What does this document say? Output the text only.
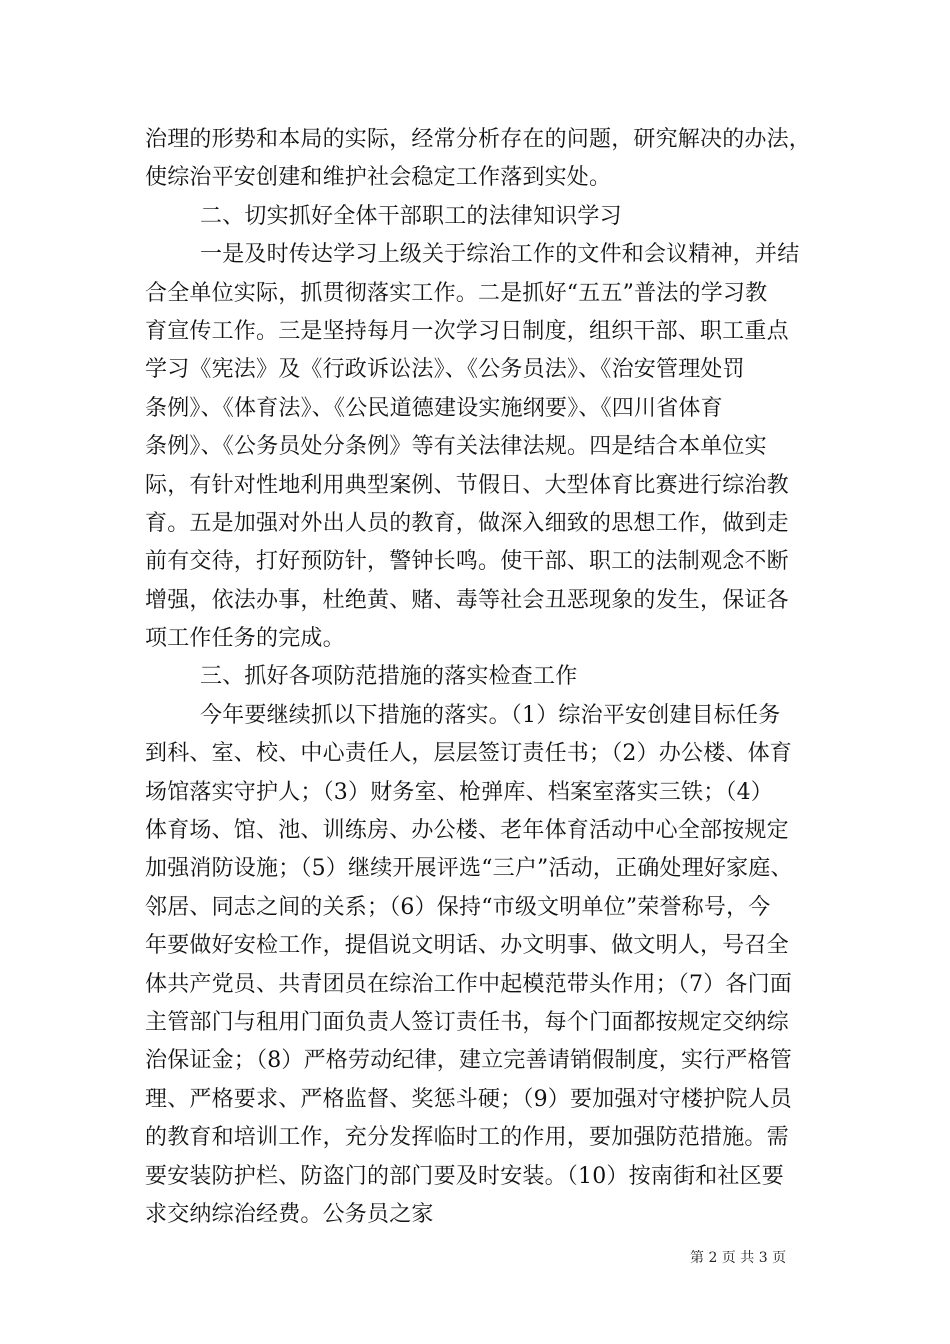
治理的形势和本局的实际，经常分析存在的问题，研究解决的办法，
使综治平安创建和维护社会稳定工作落到实处。
二、切实抓好全体干部职工的法律知识学习
一是及时传达学习上级关于综治工作的文件和会议精神，并结
合全单位实际，抓贯彻落实工作。二是抓好“五五”普法的学习教
育宣传工作。三是坚持每月一次学习日制度，组织干部、职工重点
学习《宪法》及《行政诉讼法》、《公务员法》、《治安管理处罚
条例》、《体育法》、《公民道德建设实施纲要》、《四川省体育
条例》、《公务员处分条例》等有关法律法规。四是结合本单位实
际，有针对性地利用典型案例、节假日、大型体育比赛进行综治教
育。五是加强对外出人员的教育，做深入细致的思想工作，做到走
前有交待，打好预防针，警钟长鸣。使干部、职工的法制观念不断
增强，依法办事，杜绝黄、赌、毒等社会丑恶现象的发生，保证各
项工作任务的完成。
三、抓好各项防范措施的落实检查工作
今年要继续抓以下措施的落实。（1）综治平安创建目标任务
到科、室、校、中心责任人，层层签订责任书；（2）办公楼、体育
场馆落实守护人；（3）财务室、枪弹库、档案室落实三铁；（4）
体育场、馆、池、训练房、办公楼、老年体育活动中心全部按规定
加强消防设施；（5）继续开展评选“三户”活动，正确处理好家庭、
邻居、同志之间的关系；（6）保持“市级文明单位”荣誉称号，今
年要做好安检工作，提倡说文明话、办文明事、做文明人，号召全
体共产党员、共青团员在综治工作中起模范带头作用；（7）各门面
主管部门与租用门面负责人签订责任书，每个门面都按规定交纳综
治保证金；（8）严格劳动纪律，建立完善请销假制度，实行严格管
理、严格要求、严格监督、奖惩斗硬；（9）要加强对守楼护院人员
的教育和培训工作，充分发挥临时工的作用，要加强防范措施。需
要安装防护栏、防盗门的部门要及时安装。（10）按南街和社区要
求交纳综治经费。公务员之家
第 2 页 共 3 页
